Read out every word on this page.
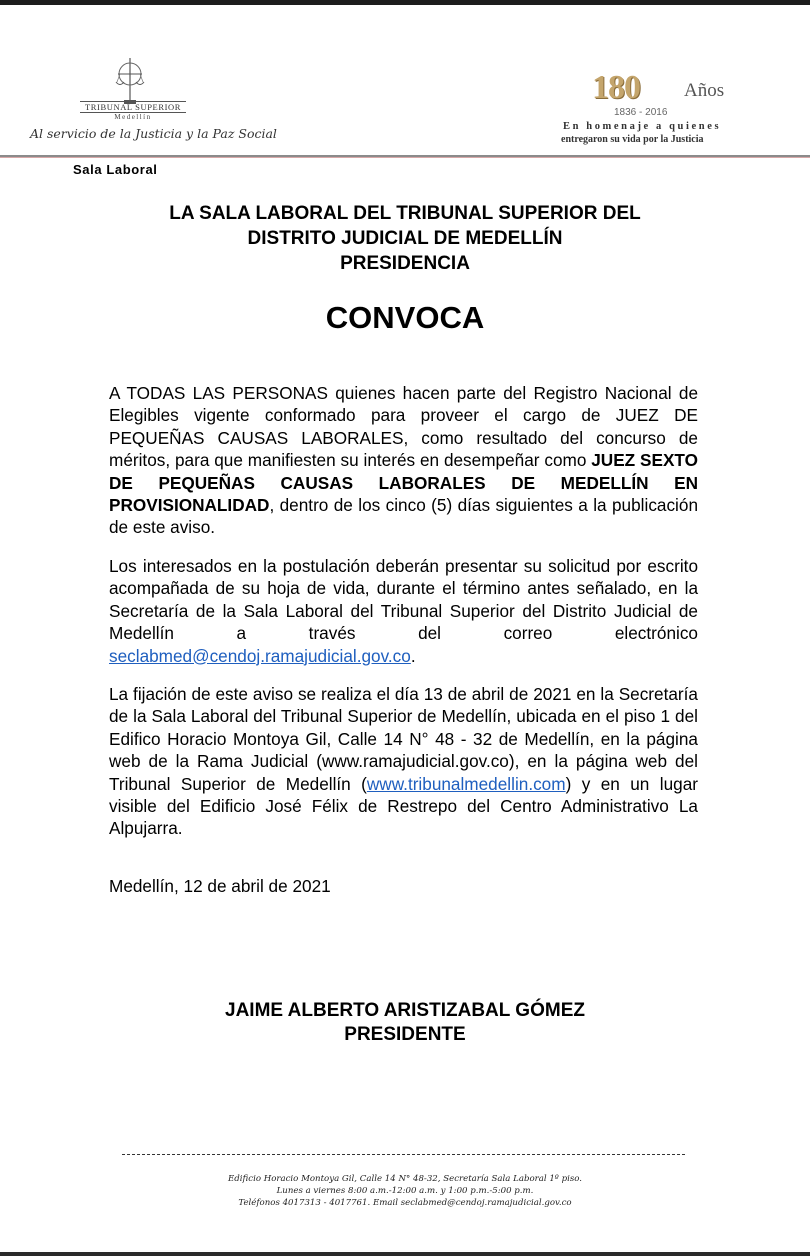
TRIBUNAL SUPERIOR
Medellín
Al servicio de la Justicia y la Paz Social
180 Años
1836 - 2016
En homenaje a quienes
entregaron su vida por la Justicia
Sala Laboral
LA SALA LABORAL DEL TRIBUNAL SUPERIOR DEL
DISTRITO JUDICIAL DE MEDELLÍN
PRESIDENCIA
CONVOCA
A TODAS LAS PERSONAS quienes hacen parte del Registro Nacional de Elegibles vigente conformado para proveer el cargo de JUEZ DE PEQUEÑAS CAUSAS LABORALES, como resultado del concurso de méritos, para que manifiesten su interés en desempeñar como JUEZ SEXTO DE PEQUEÑAS CAUSAS LABORALES DE MEDELLÍN EN PROVISIONALIDAD, dentro de los cinco (5) días siguientes a la publicación de este aviso.
Los interesados en la postulación deberán presentar su solicitud por escrito acompañada de su hoja de vida, durante el término antes señalado, en la Secretaría de la Sala Laboral del Tribunal Superior del Distrito Judicial de Medellín a través del correo electrónico seclabmed@cendoj.ramajudicial.gov.co.
La fijación de este aviso se realiza el día 13 de abril de 2021 en la Secretaría de la Sala Laboral del Tribunal Superior de Medellín, ubicada en el piso 1 del Edifico Horacio Montoya Gil, Calle 14 N° 48 - 32 de Medellín, en la página web de la Rama Judicial (www.ramajudicial.gov.co), en la página web del Tribunal Superior de Medellín (www.tribunalmedellin.com) y en un lugar visible del Edificio José Félix de Restrepo del Centro Administrativo La Alpujarra.
Medellín, 12 de abril de 2021
JAIME ALBERTO ARISTIZABAL GÓMEZ
PRESIDENTE
Edificio Horacio Montoya Gil, Calle 14 N° 48-32, Secretaría Sala Laboral 1º piso.
Lunes a viernes 8:00 a.m.-12:00 a.m. y 1:00 p.m.-5:00 p.m.
Teléfonos 4017313 - 4017761. Email seclabmed@cendoj.ramajudicial.gov.co
